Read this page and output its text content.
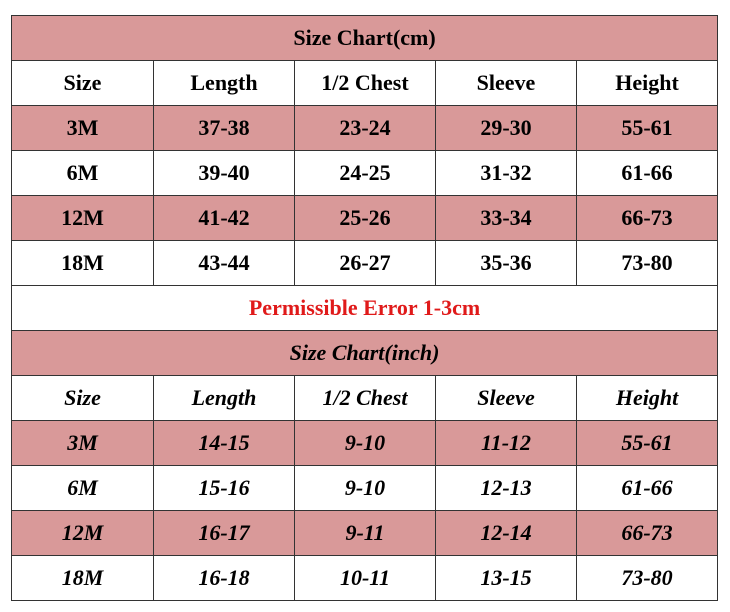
Size Chart(cm)				
Size	Length	1/2 Chest	Sleeve	Height
3M	37-38	23-24	29-30	55-61
6M	39-40	24-25	31-32	61-66
12M	41-42	25-26	33-34	66-73
18M	43-44	26-27	35-36	73-80
Permissible Error 1-3cm				
Size Chart(inch)				
Size	Length	1/2 Chest	Sleeve	Height
3M	14-15	9-10	11-12	55-61
6M	15-16	9-10	12-13	61-66
12M	16-17	9-11	12-14	66-73
18M	16-18	10-11	13-15	73-80
